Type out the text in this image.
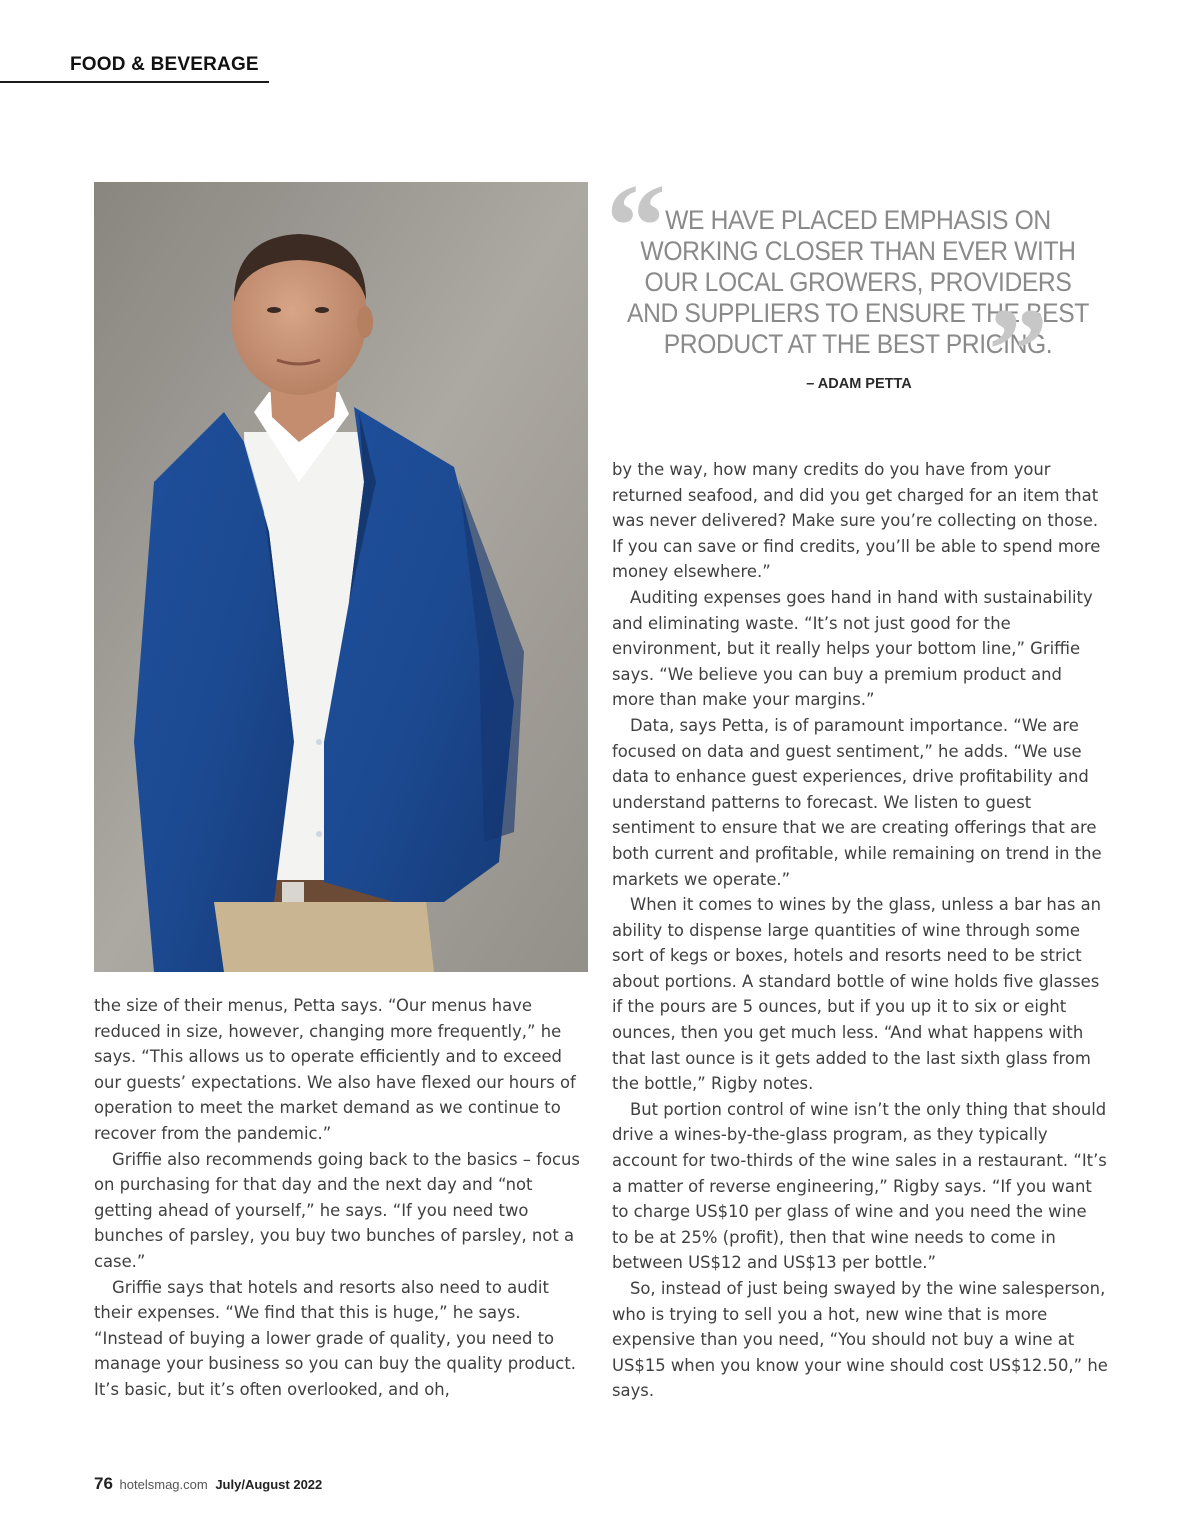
FOOD & BEVERAGE
“ WE HAVE PLACED EMPHASIS ON WORKING CLOSER THAN EVER WITH OUR LOCAL GROWERS, PROVIDERS AND SUPPLIERS TO ENSURE THE BEST PRODUCT AT THE BEST PRICING.
”
– ADAM PETTA

the size of their menus, Petta says. “Our menus have reduced in size, however, changing more frequently,” he says. “This allows us to operate efficiently and to exceed our guests’ expectations. We also have flexed our hours of operation to meet the market demand as we continue to recover from the pandemic.”

Griffie also recommends going back to the basics – focus on purchasing for that day and the next day and “not getting ahead of yourself,” he says. “If you need two bunches of parsley, you buy two bunches of parsley, not a case.”

Griffie says that hotels and resorts also need to audit their expenses. “We find that this is huge,” he says. “Instead of buying a lower grade of quality, you need to manage your business so you can buy the quality product. It’s basic, but it’s often overlooked, and oh,

by the way, how many credits do you have from your returned seafood, and did you get charged for an item that was never delivered? Make sure you’re collecting on those. If you can save or find credits, you’ll be able to spend more money elsewhere.”

Auditing expenses goes hand in hand with sustainability and eliminating waste. “It’s not just good for the environment, but it really helps your bottom line,” Griffie says. “We believe you can buy a premium product and more than make your margins.”

Data, says Petta, is of paramount importance. “We are focused on data and guest sentiment,” he adds. “We use data to enhance guest experiences, drive profitability and understand patterns to forecast. We listen to guest sentiment to ensure that we are creating offerings that are both current and profitable, while remaining on trend in the markets we operate.”

When it comes to wines by the glass, unless a bar has an ability to dispense large quantities of wine through some sort of kegs or boxes, hotels and resorts need to be strict about portions. A standard bottle of wine holds five glasses if the pours are 5 ounces, but if you up it to six or eight ounces, then you get much less. “And what happens with that last ounce is it gets added to the last sixth glass from the bottle,” Rigby notes.

But portion control of wine isn’t the only thing that should drive a wines-by-the-glass program, as they typically account for two-thirds of the wine sales in a restaurant. “It’s a matter of reverse engineering,” Rigby says. “If you want to charge US$10 per glass of wine and you need the wine to be at 25% (profit), then that wine needs to come in between US$12 and US$13 per bottle.”

So, instead of just being swayed by the wine salesperson, who is trying to sell you a hot, new wine that is more expensive than you need, “You should not buy a wine at US$15 when you know your wine should cost US$12.50,” he says.

76 hotelsmag.com July/August 2022
